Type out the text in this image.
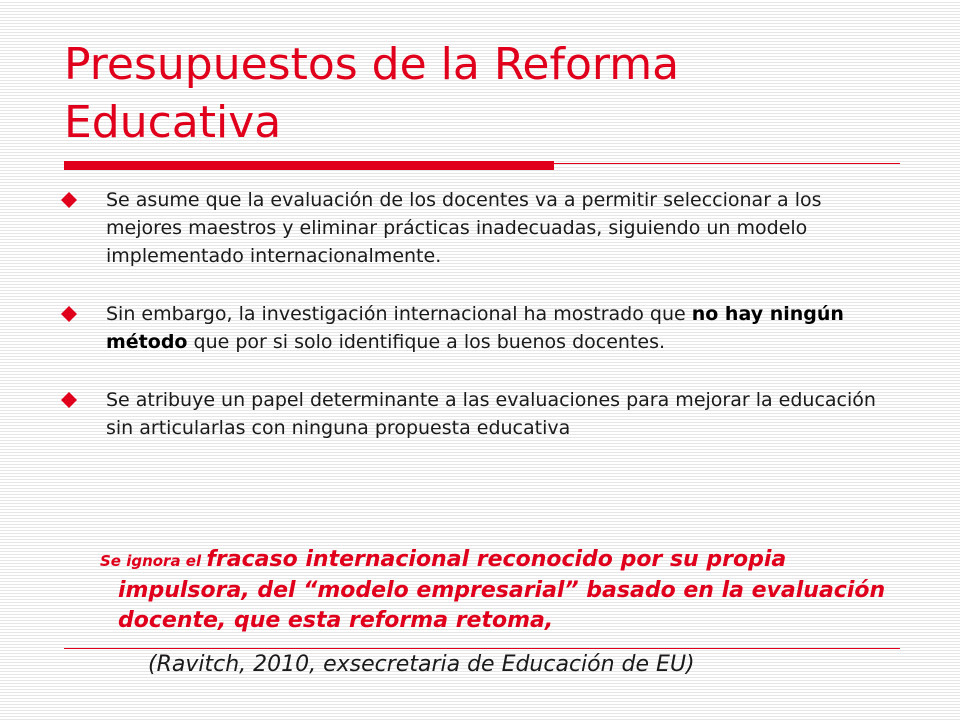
Presupuestos de la Reforma Educativa
Se asume que la evaluación de los docentes va a permitir seleccionar a los mejores maestros y eliminar prácticas inadecuadas, siguiendo un modelo implementado internacionalmente.
Sin embargo, la investigación internacional ha mostrado que no hay ningún método que por si solo identifique a los buenos docentes.
Se atribuye un papel determinante a las evaluaciones para mejorar la educación sin articularlas con ninguna propuesta educativa

Se ignora el fracaso internacional reconocido por su propia impulsora, del “modelo empresarial” basado en la evaluación docente, que esta reforma retoma,

(Ravitch, 2010, exsecretaria de Educación de EU)
